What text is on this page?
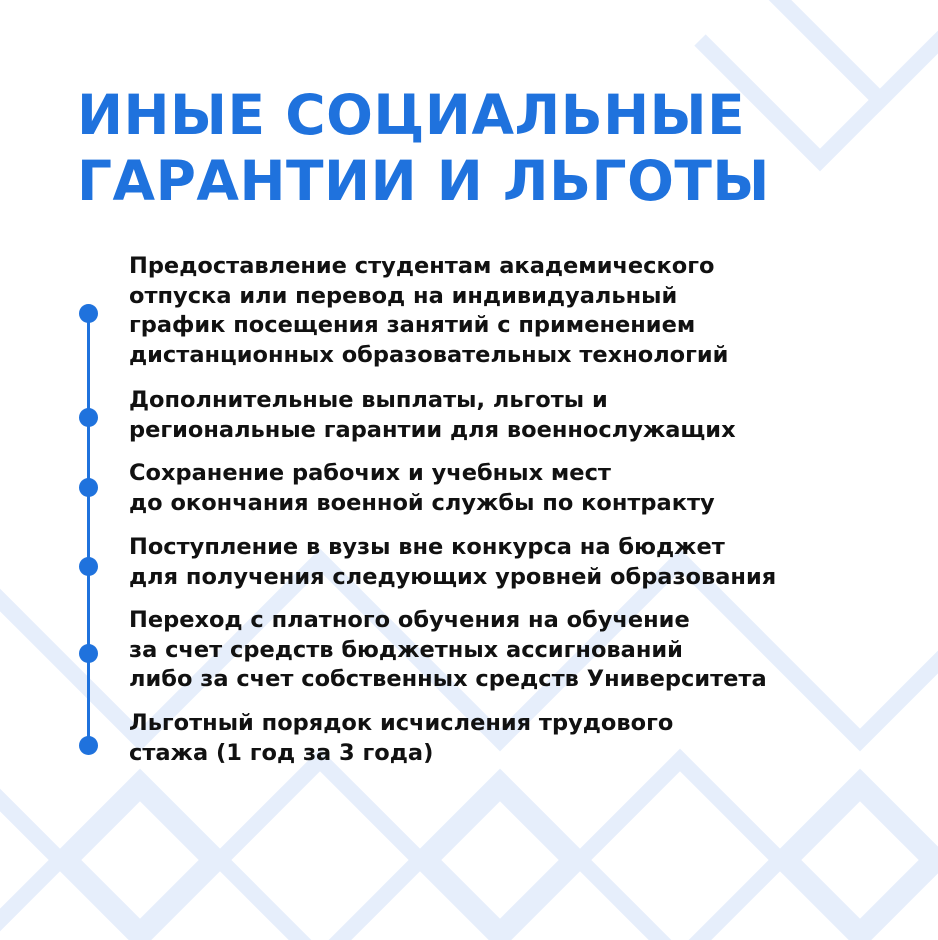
ИНЫЕ СОЦИАЛЬНЫЕ
ГАРАНТИИ И ЛЬГОТЫ

Предоставление студентам академического
отпуска или перевод на индивидуальный
график посещения занятий с применением
дистанционных образовательных технологий

Дополнительные выплаты, льготы и
региональные гарантии для военнослужащих

Сохранение рабочих и учебных мест
до окончания военной службы по контракту

Поступление в вузы вне конкурса на бюджет
для получения следующих уровней образования

Переход с платного обучения на обучение
за счет средств бюджетных ассигнований
либо за счет собственных средств Университета

Льготный порядок исчисления трудового
стажа (1 год за 3 года)
